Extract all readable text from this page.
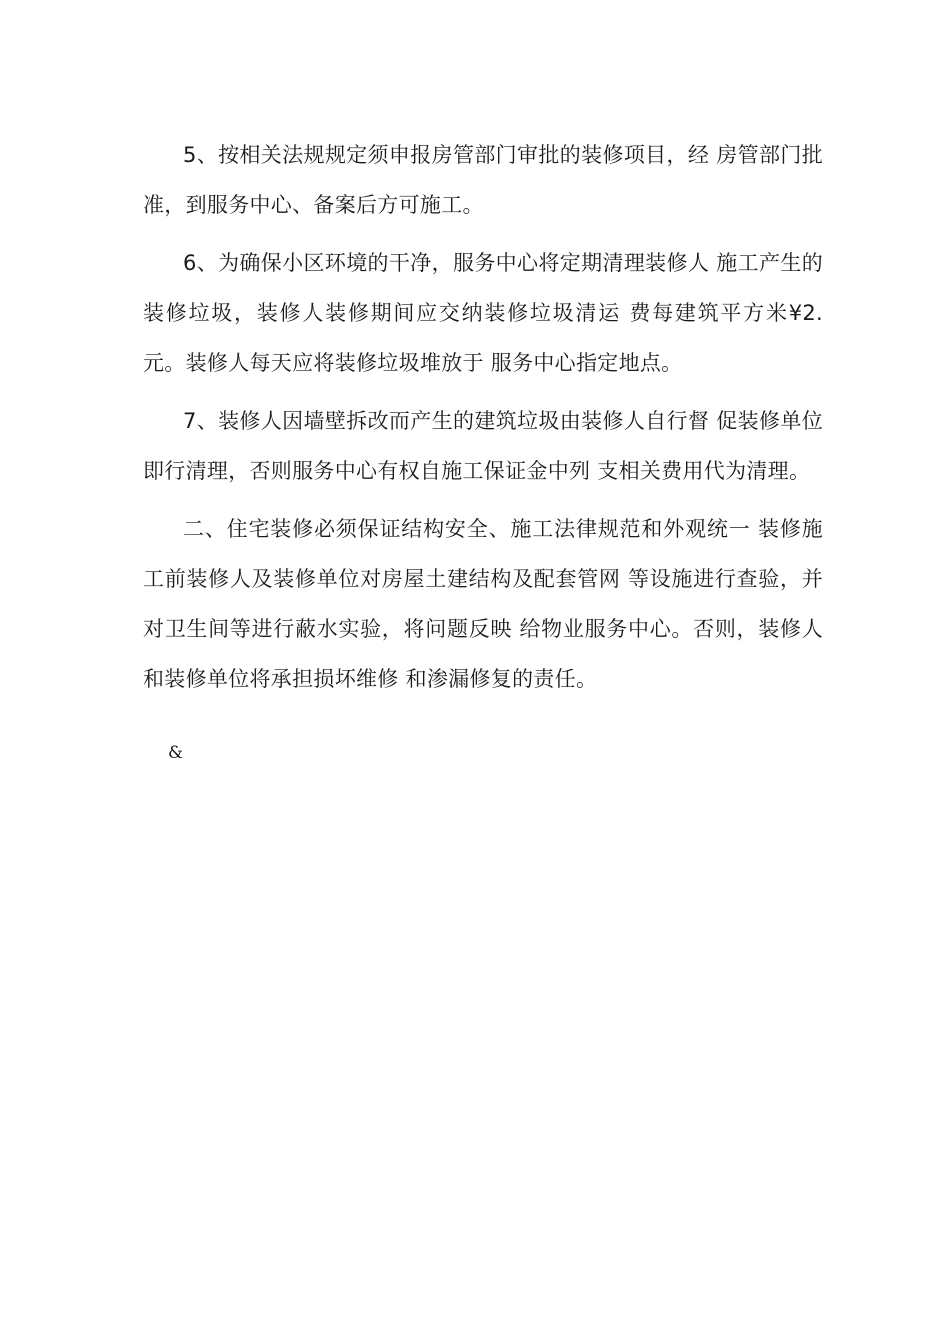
5、按相关法规规定须申报房管部门审批的装修项目，经 房管部门批准，到服务中心、备案后方可施工。

6、为确保小区环境的干净，服务中心将定期清理装修人 施工产生的装修垃圾，装修人装修期间应交纳装修垃圾清运 费每建筑平方米¥2.元。装修人每天应将装修垃圾堆放于 服务中心指定地点。

7、装修人因墙壁拆改而产生的建筑垃圾由装修人自行督 促装修单位即行清理，否则服务中心有权自施工保证金中列 支相关费用代为清理。

二、住宅装修必须保证结构安全、施工法律规范和外观统一 装修施工前装修人及装修单位对房屋土建结构及配套管网 等设施进行查验，并对卫生间等进行蔽水实验，将问题反映 给物业服务中心。否则，装修人和装修单位将承担损坏维修 和渗漏修复的责任。

&
